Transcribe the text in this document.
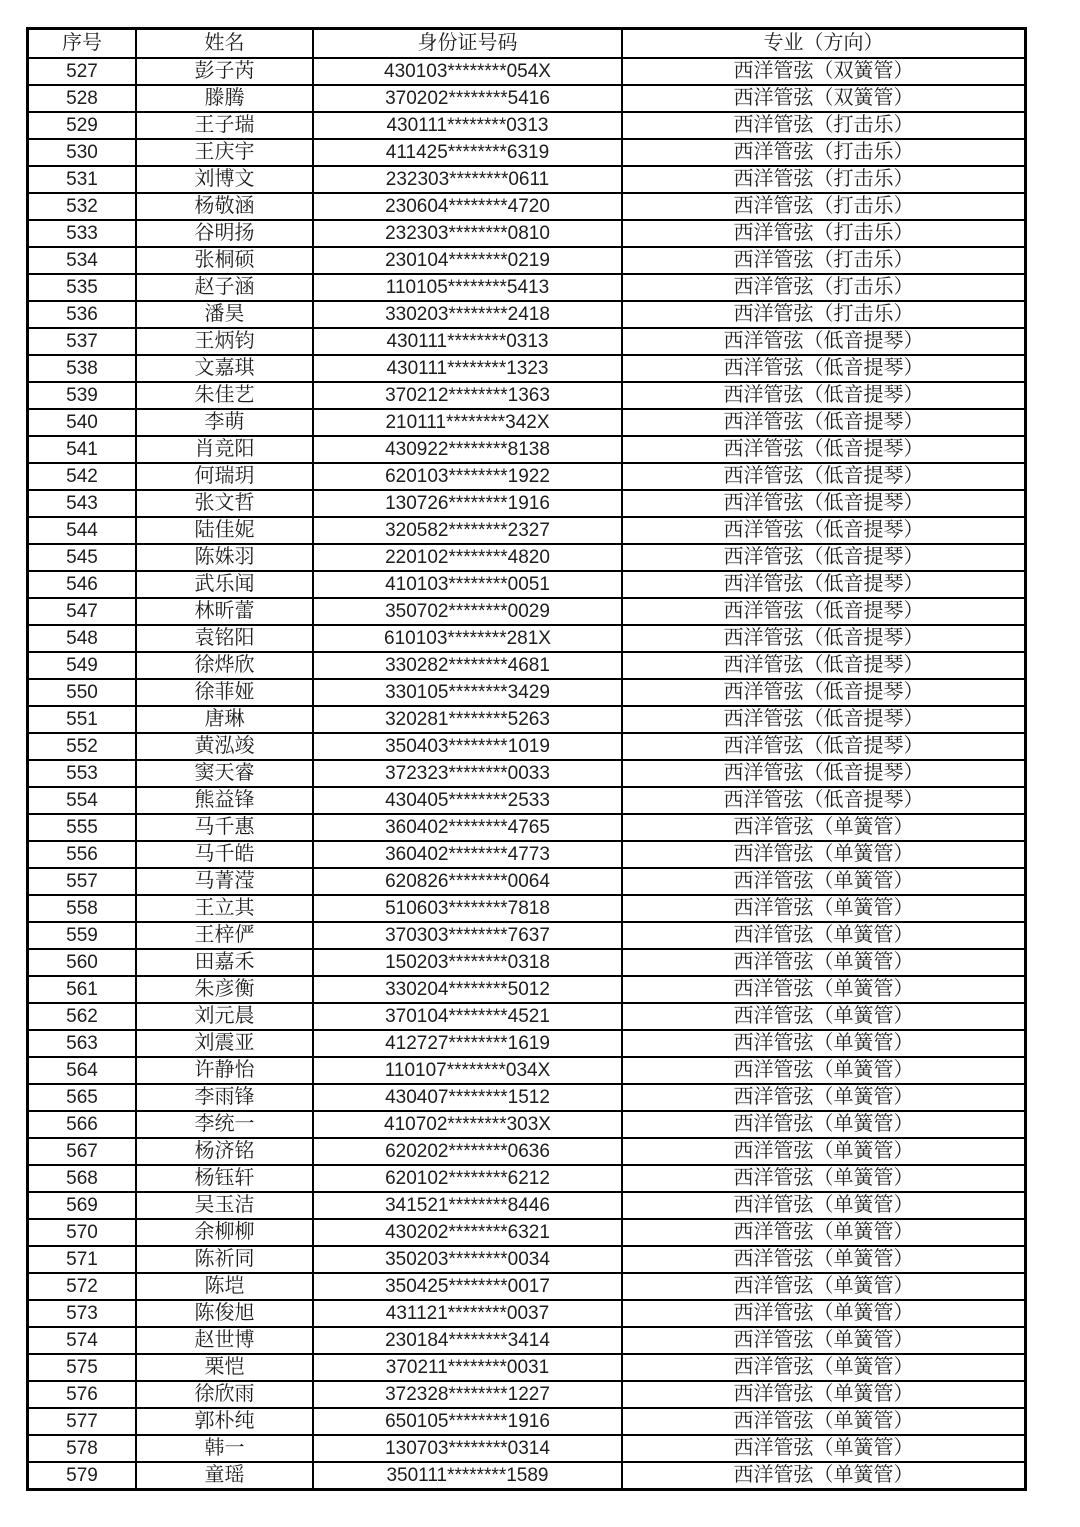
序号	姓名	身份证号码	专业（方向）
527	彭子芮	430103********054X	西洋管弦（双簧管）
528	滕腾	370202********5416	西洋管弦（双簧管）
529	王子瑞	430111********0313	西洋管弦（打击乐）
530	王庆宇	411425********6319	西洋管弦（打击乐）
531	刘博文	232303********0611	西洋管弦（打击乐）
532	杨敬涵	230604********4720	西洋管弦（打击乐）
533	谷明扬	232303********0810	西洋管弦（打击乐）
534	张桐硕	230104********0219	西洋管弦（打击乐）
535	赵子涵	110105********5413	西洋管弦（打击乐）
536	潘昊	330203********2418	西洋管弦（打击乐）
537	王炳钧	430111********0313	西洋管弦（低音提琴）
538	文嘉琪	430111********1323	西洋管弦（低音提琴）
539	朱佳艺	370212********1363	西洋管弦（低音提琴）
540	李萌	210111********342X	西洋管弦（低音提琴）
541	肖竞阳	430922********8138	西洋管弦（低音提琴）
542	何瑞玥	620103********1922	西洋管弦（低音提琴）
543	张文哲	130726********1916	西洋管弦（低音提琴）
544	陆佳妮	320582********2327	西洋管弦（低音提琴）
545	陈姝羽	220102********4820	西洋管弦（低音提琴）
546	武乐闻	410103********0051	西洋管弦（低音提琴）
547	林昕蕾	350702********0029	西洋管弦（低音提琴）
548	袁铭阳	610103********281X	西洋管弦（低音提琴）
549	徐烨欣	330282********4681	西洋管弦（低音提琴）
550	徐菲娅	330105********3429	西洋管弦（低音提琴）
551	唐琳	320281********5263	西洋管弦（低音提琴）
552	黄泓竣	350403********1019	西洋管弦（低音提琴）
553	窦天睿	372323********0033	西洋管弦（低音提琴）
554	熊益锋	430405********2533	西洋管弦（低音提琴）
555	马千惠	360402********4765	西洋管弦（单簧管）
556	马千皓	360402********4773	西洋管弦（单簧管）
557	马菁滢	620826********0064	西洋管弦（单簧管）
558	王立其	510603********7818	西洋管弦（单簧管）
559	王梓俨	370303********7637	西洋管弦（单簧管）
560	田嘉禾	150203********0318	西洋管弦（单簧管）
561	朱彦衡	330204********5012	西洋管弦（单簧管）
562	刘元晨	370104********4521	西洋管弦（单簧管）
563	刘震亚	412727********1619	西洋管弦（单簧管）
564	许静怡	110107********034X	西洋管弦（单簧管）
565	李雨锋	430407********1512	西洋管弦（单簧管）
566	李统一	410702********303X	西洋管弦（单簧管）
567	杨济铭	620202********0636	西洋管弦（单簧管）
568	杨钰轩	620102********6212	西洋管弦（单簧管）
569	吴玉洁	341521********8446	西洋管弦（单簧管）
570	余柳柳	430202********6321	西洋管弦（单簧管）
571	陈祈同	350203********0034	西洋管弦（单簧管）
572	陈垲	350425********0017	西洋管弦（单簧管）
573	陈俊旭	431121********0037	西洋管弦（单簧管）
574	赵世博	230184********3414	西洋管弦（单簧管）
575	栗恺	370211********0031	西洋管弦（单簧管）
576	徐欣雨	372328********1227	西洋管弦（单簧管）
577	郭朴纯	650105********1916	西洋管弦（单簧管）
578	韩一	130703********0314	西洋管弦（单簧管）
579	童瑶	350111********1589	西洋管弦（单簧管）
